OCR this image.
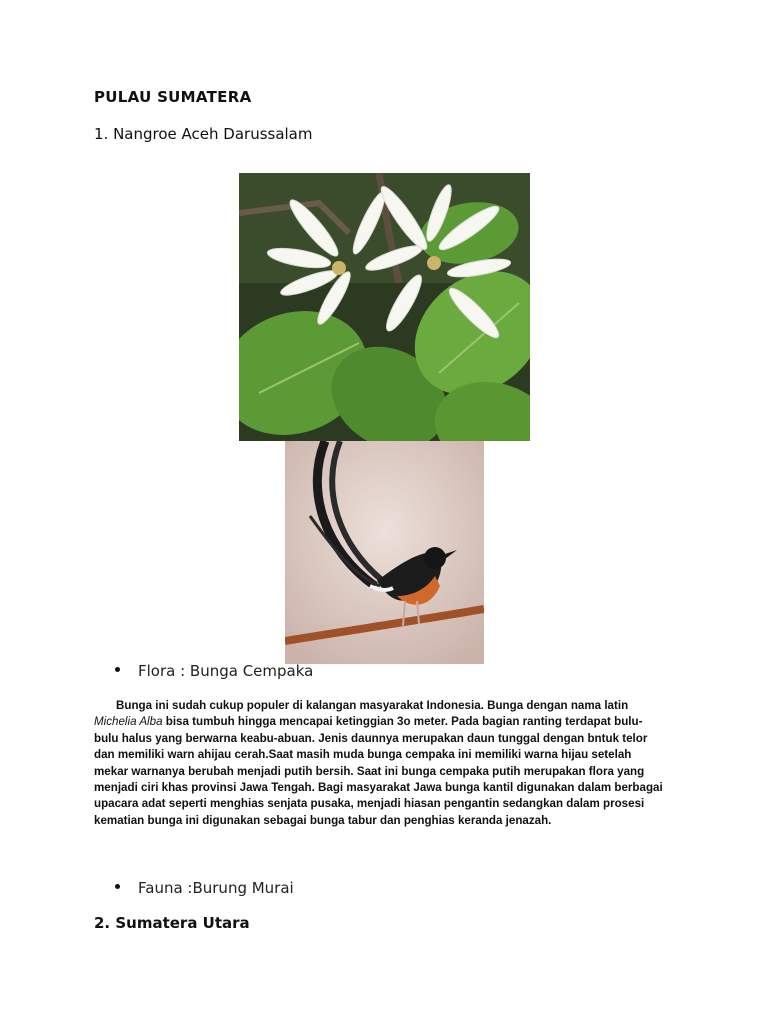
PULAU SUMATERA
1. Nangroe Aceh Darussalam
Flora : Bunga Cempaka
Bunga ini sudah cukup populer di kalangan masyarakat Indonesia. Bunga dengan nama latin
Michelia Alba bisa tumbuh hingga mencapai ketinggian 3o meter. Pada bagian ranting terdapat bulu-
bulu halus yang berwarna keabu-abuan. Jenis daunnya merupakan daun tunggal dengan bntuk telor
dan memiliki warn ahijau cerah.Saat masih muda bunga cempaka ini memiliki warna hijau setelah
mekar warnanya berubah menjadi putih bersih. Saat ini bunga cempaka putih merupakan flora yang
menjadi ciri khas provinsi Jawa Tengah. Bagi masyarakat Jawa bunga kantil digunakan dalam berbagai
upacara adat seperti menghias senjata pusaka, menjadi hiasan pengantin sedangkan dalam prosesi
kematian bunga ini digunakan sebagai bunga tabur dan penghias keranda jenazah.
Fauna :Burung Murai
2. Sumatera Utara
